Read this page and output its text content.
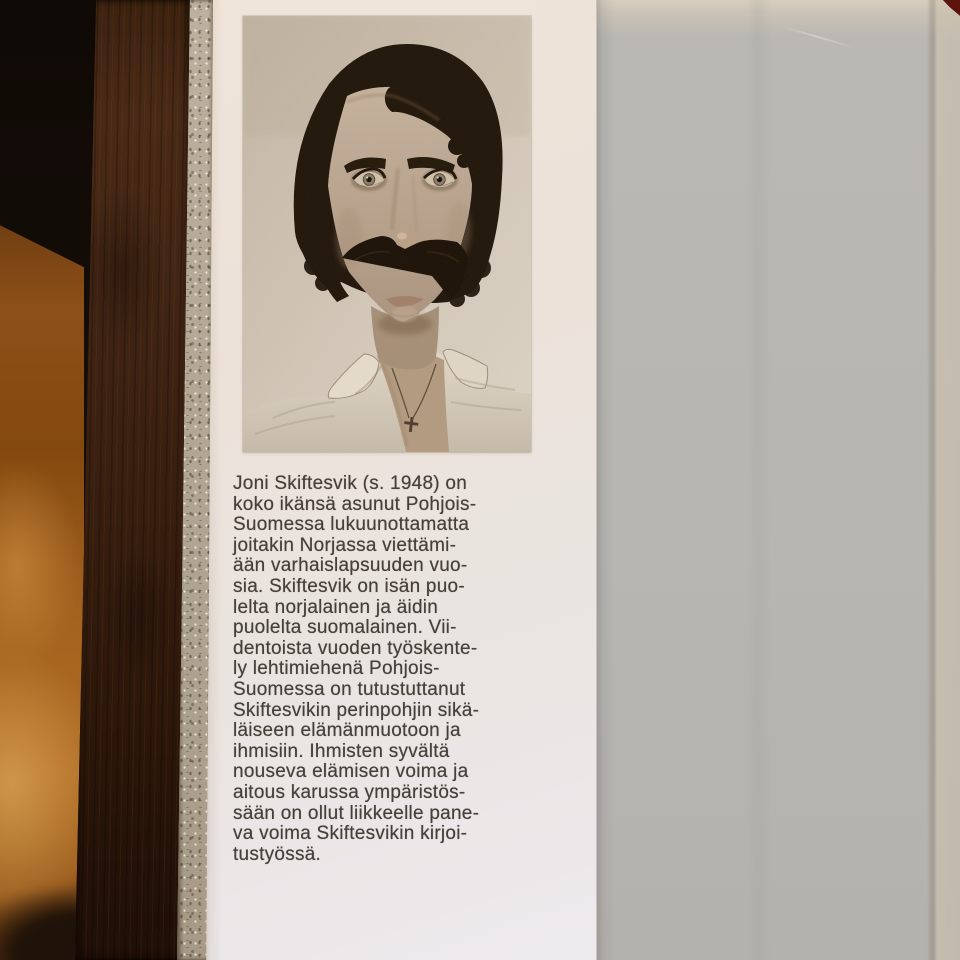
Joni Skiftesvik (s. 1948) on
koko ikänsä asunut Pohjois-
Suomessa lukuunottamatta
joitakin Norjassa viettämi-
ään varhaislapsuuden vuo-
sia. Skiftesvik on isän puo-
lelta norjalainen ja äidin
puolelta suomalainen. Vii-
dentoista vuoden työskente-
ly lehtimiehenä Pohjois-
Suomessa on tutustuttanut
Skiftesvikin perinpohjin sikä-
läiseen elämänmuotoon ja
ihmisiin. Ihmisten syvältä
nouseva elämisen voima ja
aitous karussa ympäristös-
sään on ollut liikkeelle pane-
va voima Skiftesvikin kirjoi-
tustyössä.
